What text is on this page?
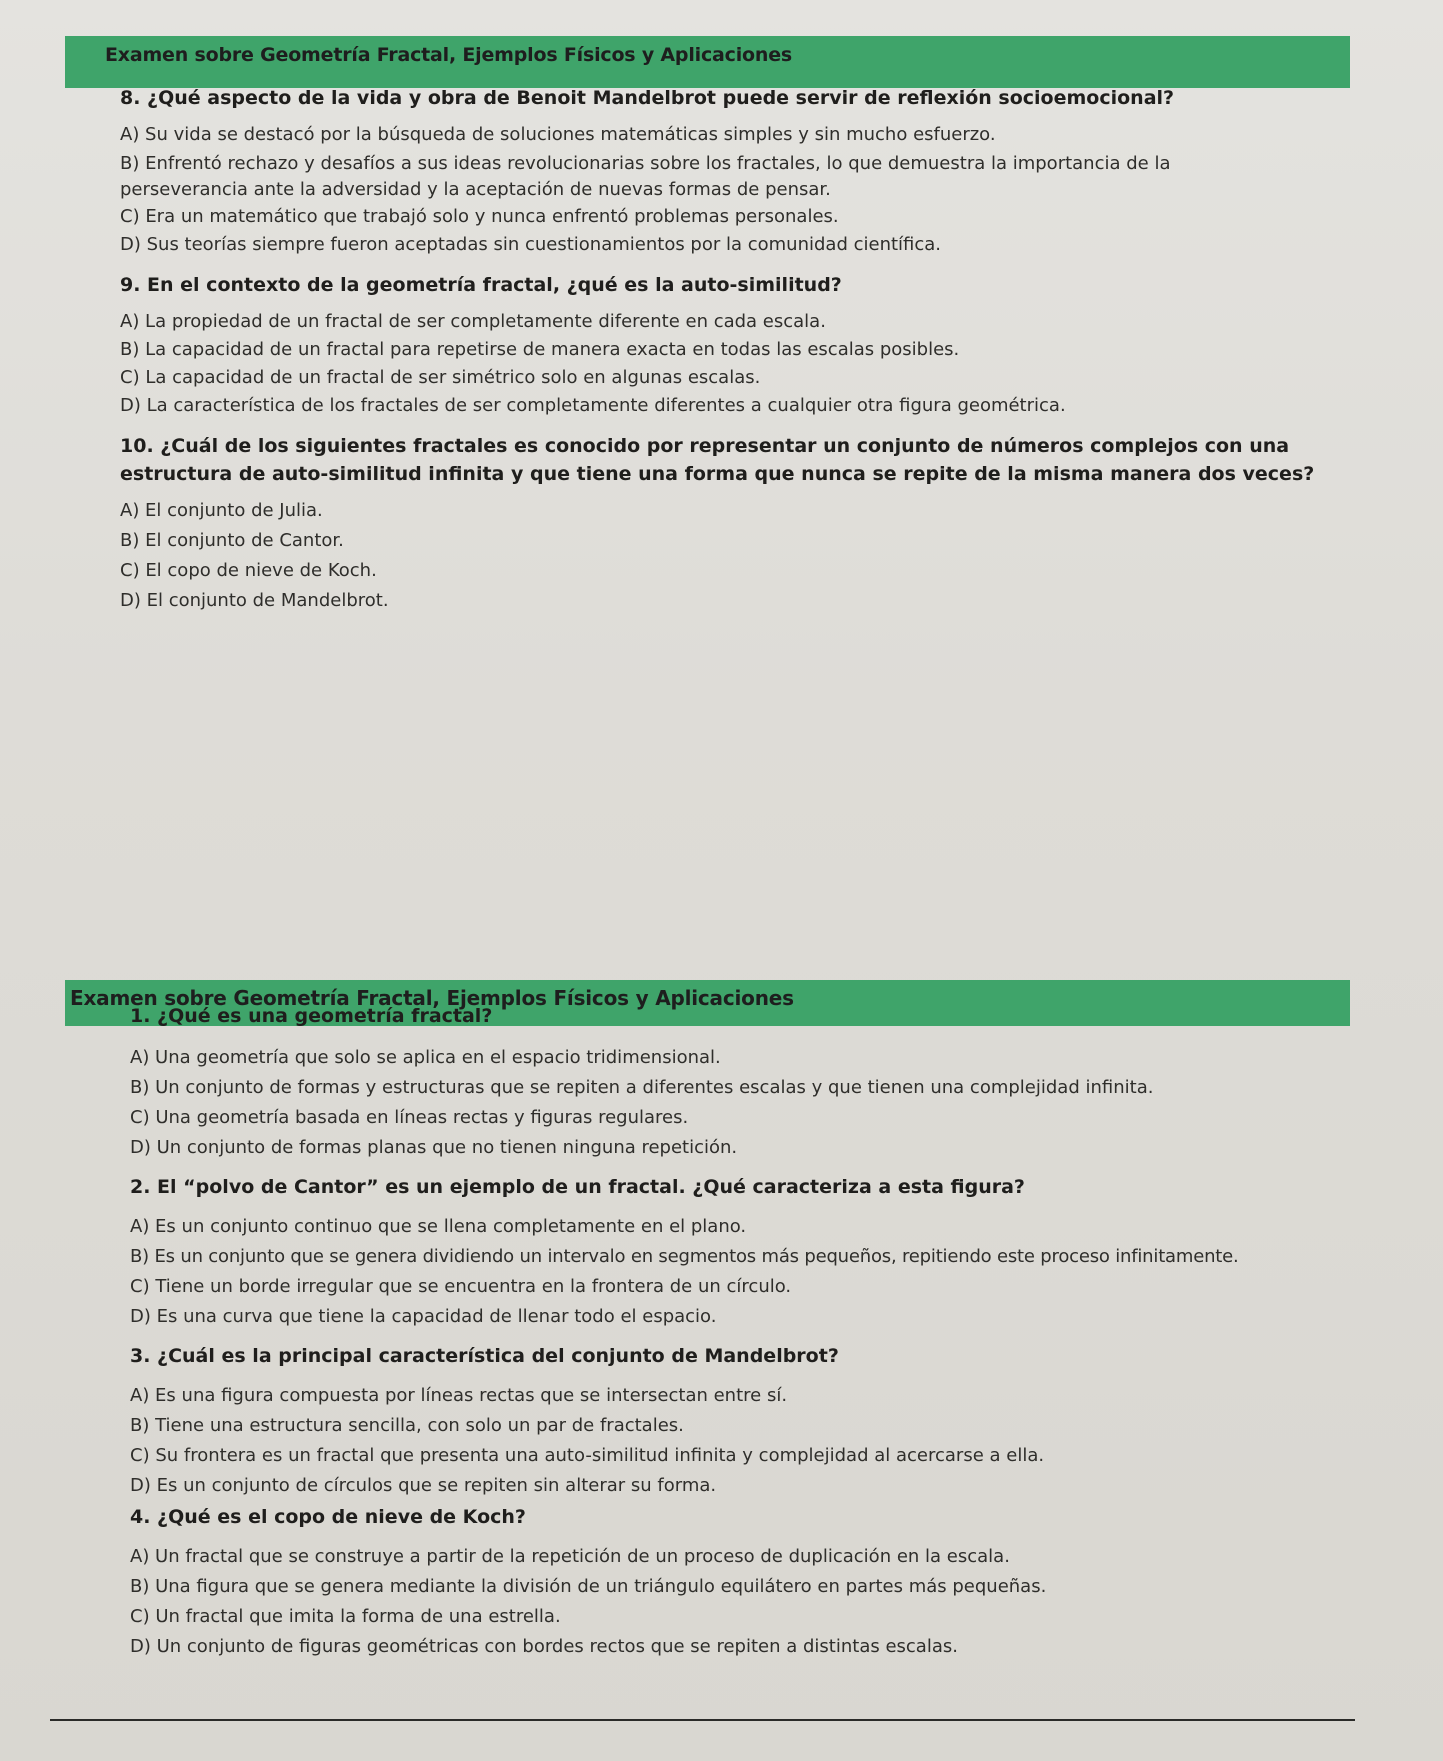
Examen sobre Geometría Fractal, Ejemplos Físicos y Aplicaciones

8. ¿Qué aspecto de la vida y obra de Benoit Mandelbrot puede servir de reflexión socioemocional?

A) Su vida se destacó por la búsqueda de soluciones matemáticas simples y sin mucho esfuerzo.
B) Enfrentó rechazo y desafíos a sus ideas revolucionarias sobre los fractales, lo que demuestra la importancia de la perseverancia ante la adversidad y la aceptación de nuevas formas de pensar.
C) Era un matemático que trabajó solo y nunca enfrentó problemas personales.
D) Sus teorías siempre fueron aceptadas sin cuestionamientos por la comunidad científica.

9. En el contexto de la geometría fractal, ¿qué es la auto-similitud?

A) La propiedad de un fractal de ser completamente diferente en cada escala.
B) La capacidad de un fractal para repetirse de manera exacta en todas las escalas posibles.
C) La capacidad de un fractal de ser simétrico solo en algunas escalas.
D) La característica de los fractales de ser completamente diferentes a cualquier otra figura geométrica.

10. ¿Cuál de los siguientes fractales es conocido por representar un conjunto de números complejos con una estructura de auto-similitud infinita y que tiene una forma que nunca se repite de la misma manera dos veces?

A) El conjunto de Julia.
B) El conjunto de Cantor.
C) El copo de nieve de Koch.
D) El conjunto de Mandelbrot.
Examen sobre Geometría Fractal, Ejemplos Físicos y Aplicaciones

1. ¿Qué es una geometría fractal?

A) Una geometría que solo se aplica en el espacio tridimensional.
B) Un conjunto de formas y estructuras que se repiten a diferentes escalas y que tienen una complejidad infinita.
C) Una geometría basada en líneas rectas y figuras regulares.
D) Un conjunto de formas planas que no tienen ninguna repetición.

2. El “polvo de Cantor” es un ejemplo de un fractal. ¿Qué caracteriza a esta figura?

A) Es un conjunto continuo que se llena completamente en el plano.
B) Es un conjunto que se genera dividiendo un intervalo en segmentos más pequeños, repitiendo este proceso infinitamente.
C) Tiene un borde irregular que se encuentra en la frontera de un círculo.
D) Es una curva que tiene la capacidad de llenar todo el espacio.

3. ¿Cuál es la principal característica del conjunto de Mandelbrot?

A) Es una figura compuesta por líneas rectas que se intersectan entre sí.
B) Tiene una estructura sencilla, con solo un par de fractales.
C) Su frontera es un fractal que presenta una auto-similitud infinita y complejidad al acercarse a ella.
D) Es un conjunto de círculos que se repiten sin alterar su forma.

4. ¿Qué es el copo de nieve de Koch?

A) Un fractal que se construye a partir de la repetición de un proceso de duplicación en la escala.
B) Una figura que se genera mediante la división de un triángulo equilátero en partes más pequeñas.
C) Un fractal que imita la forma de una estrella.
D) Un conjunto de figuras geométricas con bordes rectos que se repiten a distintas escalas.
